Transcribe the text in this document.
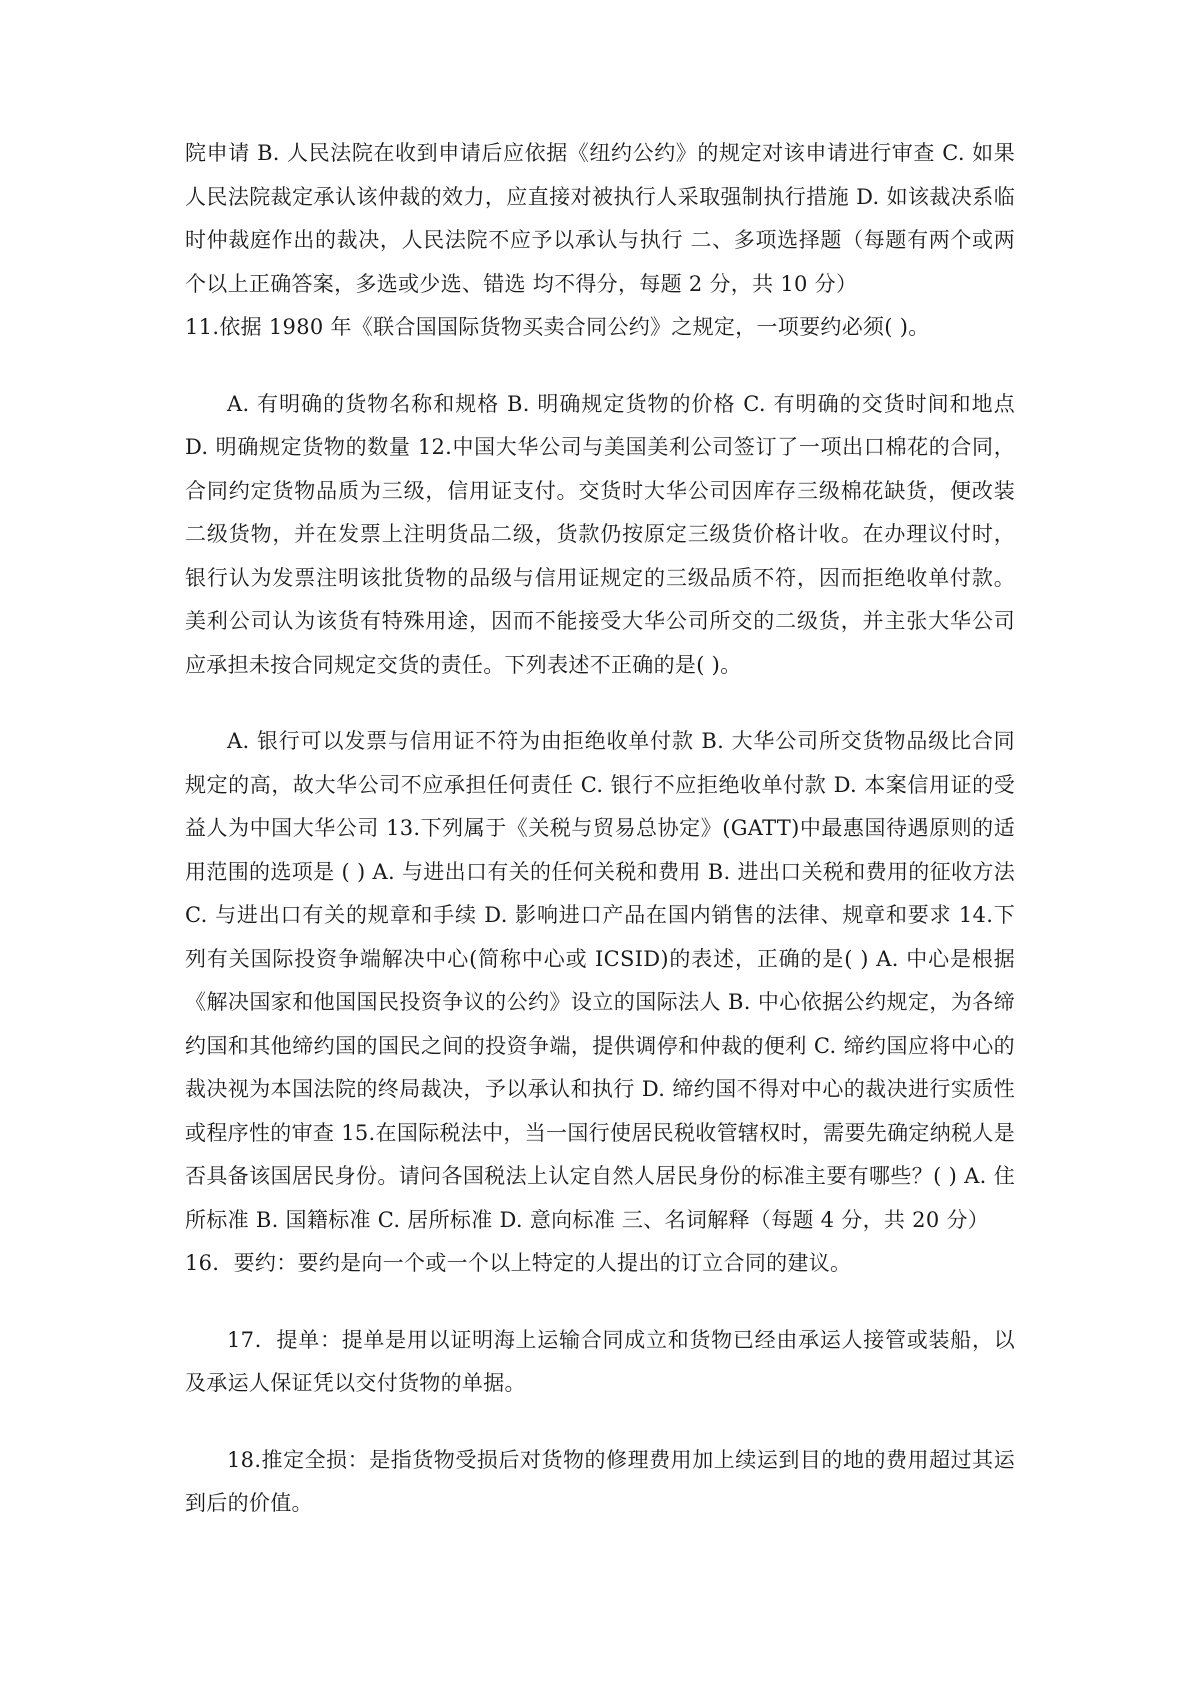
院申请 B. 人民法院在收到申请后应依据《纽约公约》的规定对该申请进行审查 C. 如果人民法院裁定承认该仲裁的效力，应直接对被执行人采取强制执行措施 D. 如该裁决系临时仲裁庭作出的裁决，人民法院不应予以承认与执行 二、多项选择题（每题有两个或两个以上正确答案，多选或少选、错选 均不得分，每题 2 分，共 10 分）

11.依据 1980 年《联合国国际货物买卖合同公约》之规定，一项要约必须( )。

A. 有明确的货物名称和规格 B. 明确规定货物的价格 C. 有明确的交货时间和地点 D. 明确规定货物的数量 12.中国大华公司与美国美利公司签订了一项出口棉花的合同，合同约定货物品质为三级，信用证支付。交货时大华公司因库存三级棉花缺货，便改装二级货物，并在发票上注明货品二级，货款仍按原定三级货价格计收。在办理议付时，银行认为发票注明该批货物的品级与信用证规定的三级品质不符，因而拒绝收单付款。美利公司认为该货有特殊用途，因而不能接受大华公司所交的二级货，并主张大华公司应承担未按合同规定交货的责任。下列表述不正确的是( )。

A. 银行可以发票与信用证不符为由拒绝收单付款 B. 大华公司所交货物品级比合同规定的高，故大华公司不应承担任何责任 C. 银行不应拒绝收单付款 D. 本案信用证的受益人为中国大华公司 13.下列属于《关税与贸易总协定》(GATT)中最惠国待遇原则的适用范围的选项是 ( ) A. 与进出口有关的任何关税和费用 B. 进出口关税和费用的征收方法 C. 与进出口有关的规章和手续 D. 影响进口产品在国内销售的法律、规章和要求 14.下列有关国际投资争端解决中心(简称中心或 ICSID)的表述，正确的是( ) A. 中心是根据《解决国家和他国国民投资争议的公约》设立的国际法人 B. 中心依据公约规定，为各缔约国和其他缔约国的国民之间的投资争端，提供调停和仲裁的便利 C. 缔约国应将中心的裁决视为本国法院的终局裁决，予以承认和执行 D. 缔约国不得对中心的裁决进行实质性或程序性的审查 15.在国际税法中，当一国行使居民税收管辖权时，需要先确定纳税人是否具备该国居民身份。请问各国税法上认定自然人居民身份的标准主要有哪些？( ) A. 住所标准 B. 国籍标准 C. 居所标准 D. 意向标准 三、名词解释（每题 4 分，共 20 分）

16．要约：要约是向一个或一个以上特定的人提出的订立合同的建议。

17．提单：提单是用以证明海上运输合同成立和货物已经由承运人接管或装船，以及承运人保证凭以交付货物的单据。

18.推定全损：是指货物受损后对货物的修理费用加上续运到目的地的费用超过其运到后的价值。
